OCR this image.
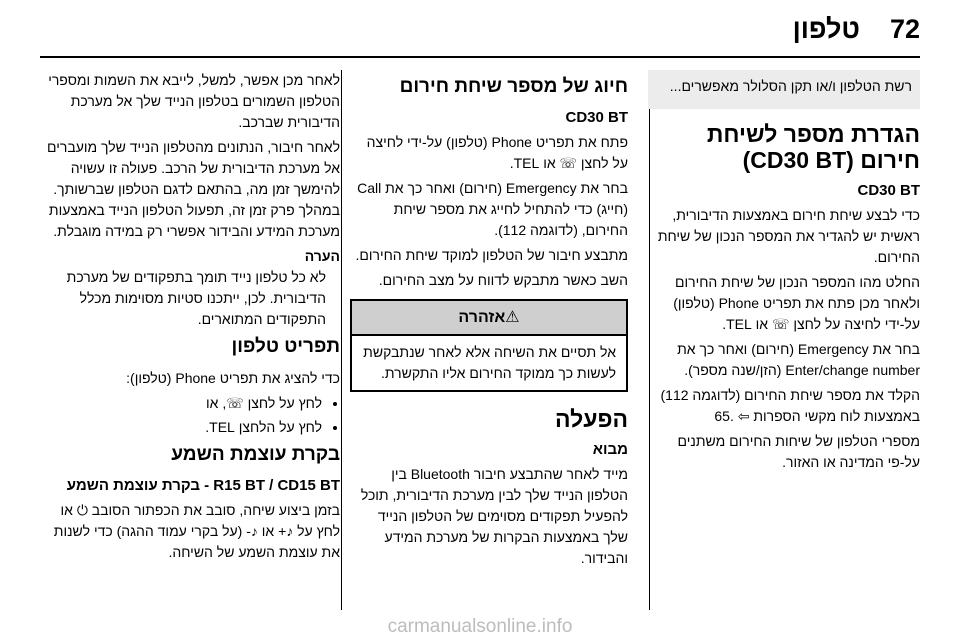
72
טלפון

רשת הטלפון ו/או תקן הסלולר מאפשרים...

הגדרת מספר לשיחת חירום (CD30 BT)
CD30 BT

כדי לבצע שיחת חירום באמצעות הדיבורית, ראשית יש להגדיר את המספר הנכון של שיחת החירום.

החלט מהו המספר הנכון של שיחת החירום ולאחר מכן פתח את תפריט Phone (טלפון) על-ידי לחיצה על לחצן ☏ או TEL.

בחר את Emergency (חירום) ואחר כך את Enter/change number (הזן/שנה מספר).

הקלד את מספר שיחת החירום (לדוגמה 112) באמצעות לוח מקשי הספרות ⇦ .65

מספרי הטלפון של שיחות החירום משתנים על-פי המדינה או האזור.

חיוג של מספר שיחת חירום
CD30 BT

פתח את תפריט Phone (טלפון) על-ידי לחיצה על לחצן ☏ או TEL.

בחר את Emergency (חירום) ואחר כך את Call (חייג) כדי להתחיל לחייג את מספר שיחת החירום, (לדוגמה 112).

מתבצע חיבור של הטלפון למוקד שיחת החירום.

השב כאשר מתבקש לדווח על מצב החירום.

⚠אזהרה
אל תסיים את השיחה אלא לאחר שנתבקשת לעשות כך ממוקד החירום אליו התקשרת.
הפעלה
מבוא

מייד לאחר שהתבצע חיבור Bluetooth בין הטלפון הנייד שלך לבין מערכת הדיבורית, תוכל להפעיל תפקודים מסוימים של הטלפון הנייד שלך באמצעות הבקרות של מערכת המידע והבידור.

לאחר מכן אפשר, למשל, לייבא את השמות ומספרי הטלפון השמורים בטלפון הנייד שלך אל מערכת הדיבורית שברכב.

לאחר חיבור, הנתונים מהטלפון הנייד שלך מועברים אל מערכת הדיבורית של הרכב. פעולה זו עשויה להימשך זמן מה, בהתאם לדגם הטלפון שברשותך. במהלך פרק זמן זה, תפעול הטלפון הנייד באמצעות מערכת המידע והבידור אפשרי רק במידה מוגבלת.

הערה

לא כל טלפון נייד תומך בתפקודים של מערכת הדיבורית. לכן, ייתכנו סטיות מסוימות מכלל התפקודים המתוארים.

תפריט טלפון

כדי להציג את תפריט Phone (טלפון):

• לחץ על לחצן ☏, או
• לחץ על הלחצן TEL.
בקרת עוצמת השמע
R15 BT / CD15 BT - בקרת עוצמת השמע

בזמן ביצוע שיחה, סובב את הכפתור הסובב ⏻ או לחץ על ♪+ או ♪- (על בקרי עמוד ההגה) כדי לשנות את עוצמת השמע של השיחה.

carmanualsonline.info
